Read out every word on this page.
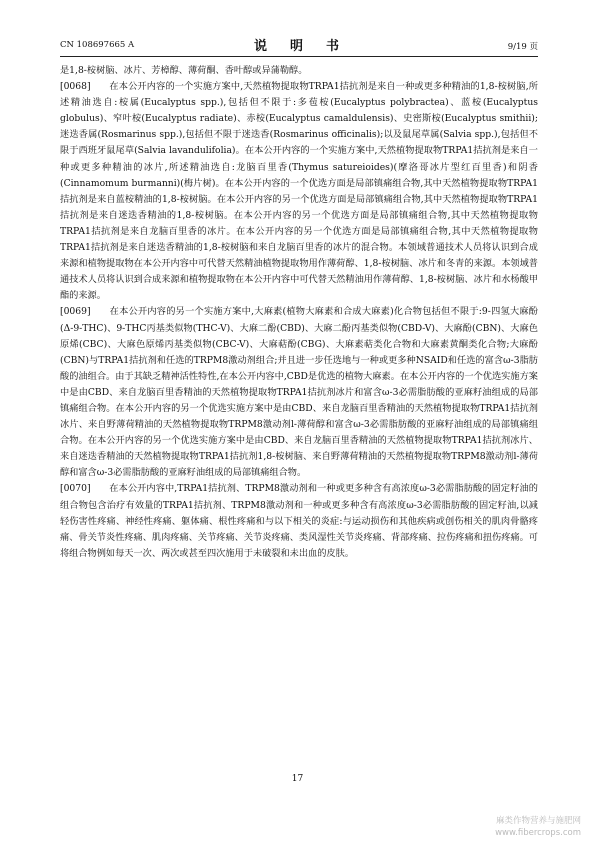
CN 108697665 A	说　明　书	9/19 页

是1,8-桉树脑、冰片、芳樟醇、薄荷酮、香叶醇或异蒲勒醇。

[0068]　　在本公开内容的一个实施方案中,天然植物提取物TRPA1拮抗剂是来自一种或更多种精油的1,8-桉树脑,所述精油选自:桉属(Eucalyptus spp.),包括但不限于:多苞桉(Eucalyptus polybractea)、蓝桉(Eucalyptus globulus)、窄叶桉(Eucalyptus radiate)、赤桉(Eucalyptus camaldulensis)、史密斯桉(Eucalyptus smithii);迷迭香属(Rosmarinus spp.),包括但不限于迷迭香(Rosmarinus officinalis);以及鼠尾草属(Salvia spp.),包括但不限于西班牙鼠尾草(Salvia lavandulifolia)。在本公开内容的一个实施方案中,天然植物提取物TRPA1拮抗剂是来自一种或更多种精油的冰片,所述精油选自:龙脑百里香(Thymus satureioides)(摩洛哥冰片型红百里香)和阴香(Cinnamomum burmanni)(梅片树)。在本公开内容的一个优选方面是局部镇痛组合物,其中天然植物提取物TRPA1拮抗剂是来自蓝桉精油的1,8-桉树脑。在本公开内容的另一个优选方面是局部镇痛组合物,其中天然植物提取物TRPA1拮抗剂是来自迷迭香精油的1,8-桉树脑。在本公开内容的另一个优选方面是局部镇痛组合物,其中天然植物提取物TRPA1拮抗剂是来自龙脑百里香的冰片。在本公开内容的另一个优选方面是局部镇痛组合物,其中天然植物提取物TRPA1拮抗剂是来自迷迭香精油的1,8-桉树脑和来自龙脑百里香的冰片的混合物。本领域普通技术人员将认识到合成来源和植物提取物在本公开内容中可代替天然精油植物提取物用作薄荷醇、1,8-桉树脑、冰片和冬青的来源。本领域普通技术人员将认识到合成来源和植物提取物在本公开内容中可代替天然精油用作薄荷醇、1,8-桉树脑、冰片和水杨酸甲酯的来源。

[0069]　　在本公开内容的另一个实施方案中,大麻素(植物大麻素和合成大麻素)化合物包括但不限于:9-四氢大麻酚(Δ-9-THC)、9-THC丙基类似物(THC-V)、大麻二酚(CBD)、大麻二酚丙基类似物(CBD-V)、大麻酚(CBN)、大麻色原烯(CBC)、大麻色原烯丙基类似物(CBC-V)、大麻萜酚(CBG)、大麻素萜类化合物和大麻素黄酮类化合物;大麻酚(CBN)与TRPA1拮抗剂和任选的TRPM8激动剂组合;并且进一步任选地与一种或更多种NSAID和任选的富含ω-3脂肪酸的油组合。由于其缺乏精神活性特性,在本公开内容中,CBD是优选的植物大麻素。在本公开内容的一个优选实施方案中是由CBD、来自龙脑百里香精油的天然植物提取物TRPA1拮抗剂冰片和富含ω-3必需脂肪酸的亚麻籽油组成的局部镇痛组合物。在本公开内容的另一个优选实施方案中是由CBD、来自龙脑百里香精油的天然植物提取物TRPA1拮抗剂冰片、来自野薄荷精油的天然植物提取物TRPM8激动剂l-薄荷醇和富含ω-3必需脂肪酸的亚麻籽油组成的局部镇痛组合物。在本公开内容的另一个优选实施方案中是由CBD、来自龙脑百里香精油的天然植物提取物TRPA1拮抗剂冰片、来自迷迭香精油的天然植物提取物TRPA1拮抗剂1,8-桉树脑、来自野薄荷精油的天然植物提取物TRPM8激动剂l-薄荷醇和富含ω-3必需脂肪酸的亚麻籽油组成的局部镇痛组合物。

[0070]　　在本公开内容中,TRPA1拮抗剂、TRPM8激动剂和一种或更多种含有高浓度ω-3必需脂肪酸的固定籽油的组合物包含治疗有效量的TRPA1拮抗剂、TRPM8激动剂和一种或更多种含有高浓度ω-3必需脂肪酸的固定籽油,以减轻伤害性疼痛、神经性疼痛、躯体痛、根性疼痛和与以下相关的炎症:与运动损伤和其他疾病或创伤相关的肌肉骨骼疼痛、骨关节炎性疼痛、肌肉疼痛、关节疼痛、关节炎疼痛、类风湿性关节炎疼痛、背部疼痛、拉伤疼痛和扭伤疼痛。可将组合物例如每天一次、两次或甚至四次施用于未破裂和未出血的皮肤。

17
麻类作物营养与施肥网
www.fibercrops.com
